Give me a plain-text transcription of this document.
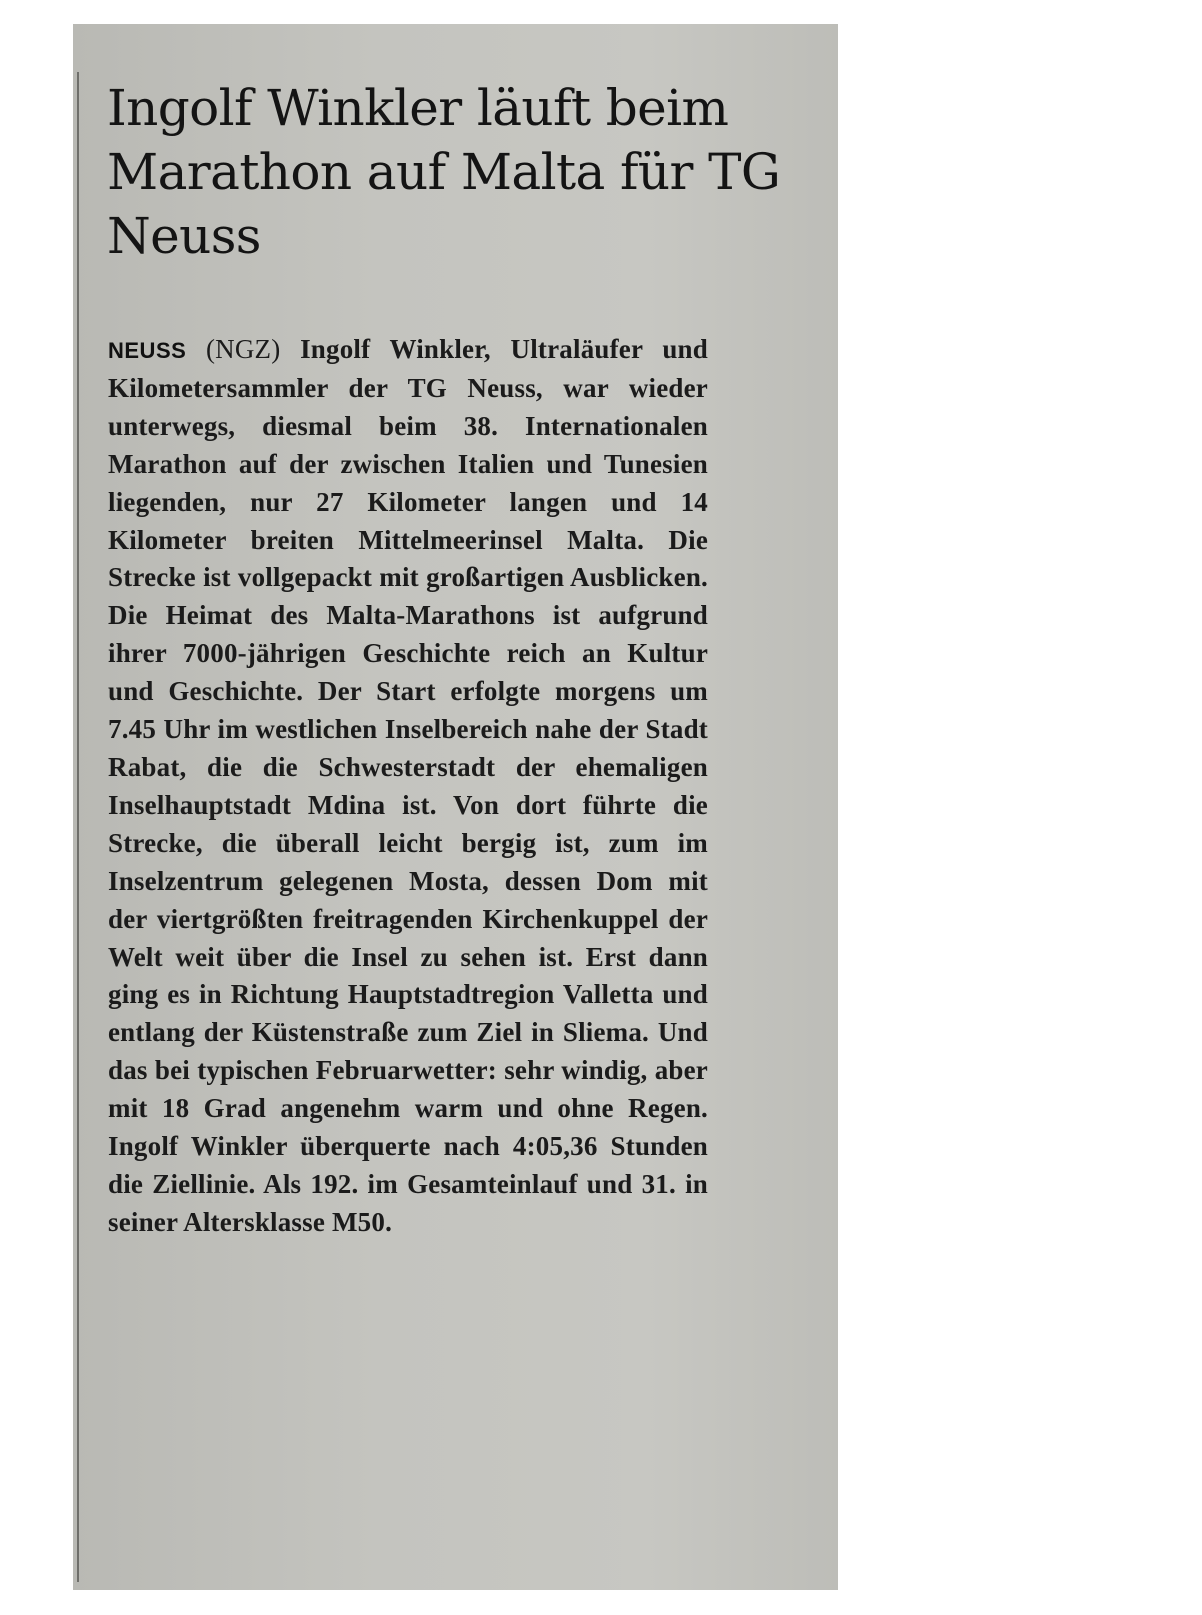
Ingolf Winkler läuft beim Marathon auf Malta für TG Neuss

NEUSS (NGZ) Ingolf Winkler, Ultraläufer und Kilometersammler der TG Neuss, war wieder unterwegs, diesmal beim 38. Internationalen Marathon auf der zwischen Italien und Tunesien liegenden, nur 27 Kilometer langen und 14 Kilometer breiten Mittelmeerinsel Malta. Die Strecke ist vollgepackt mit großartigen Ausblicken. Die Heimat des Malta-Marathons ist aufgrund ihrer 7000-jährigen Geschichte reich an Kultur und Geschichte. Der Start erfolgte morgens um 7.45 Uhr im westlichen Inselbereich nahe der Stadt Rabat, die die Schwesterstadt der ehemaligen Inselhauptstadt Mdina ist. Von dort führte die Strecke, die überall leicht bergig ist, zum im Inselzentrum gelegenen Mosta, dessen Dom mit der viertgrößten freitragenden Kirchenkuppel der Welt weit über die Insel zu sehen ist. Erst dann ging es in Richtung Hauptstadtregion Valletta und entlang der Küstenstraße zum Ziel in Sliema. Und das bei typischen Februarwetter: sehr windig, aber mit 18 Grad angenehm warm und ohne Regen. Ingolf Winkler überquerte nach 4:05,36 Stunden die Ziellinie. Als 192. im Gesamteinlauf und 31. in seiner Altersklasse M50.
